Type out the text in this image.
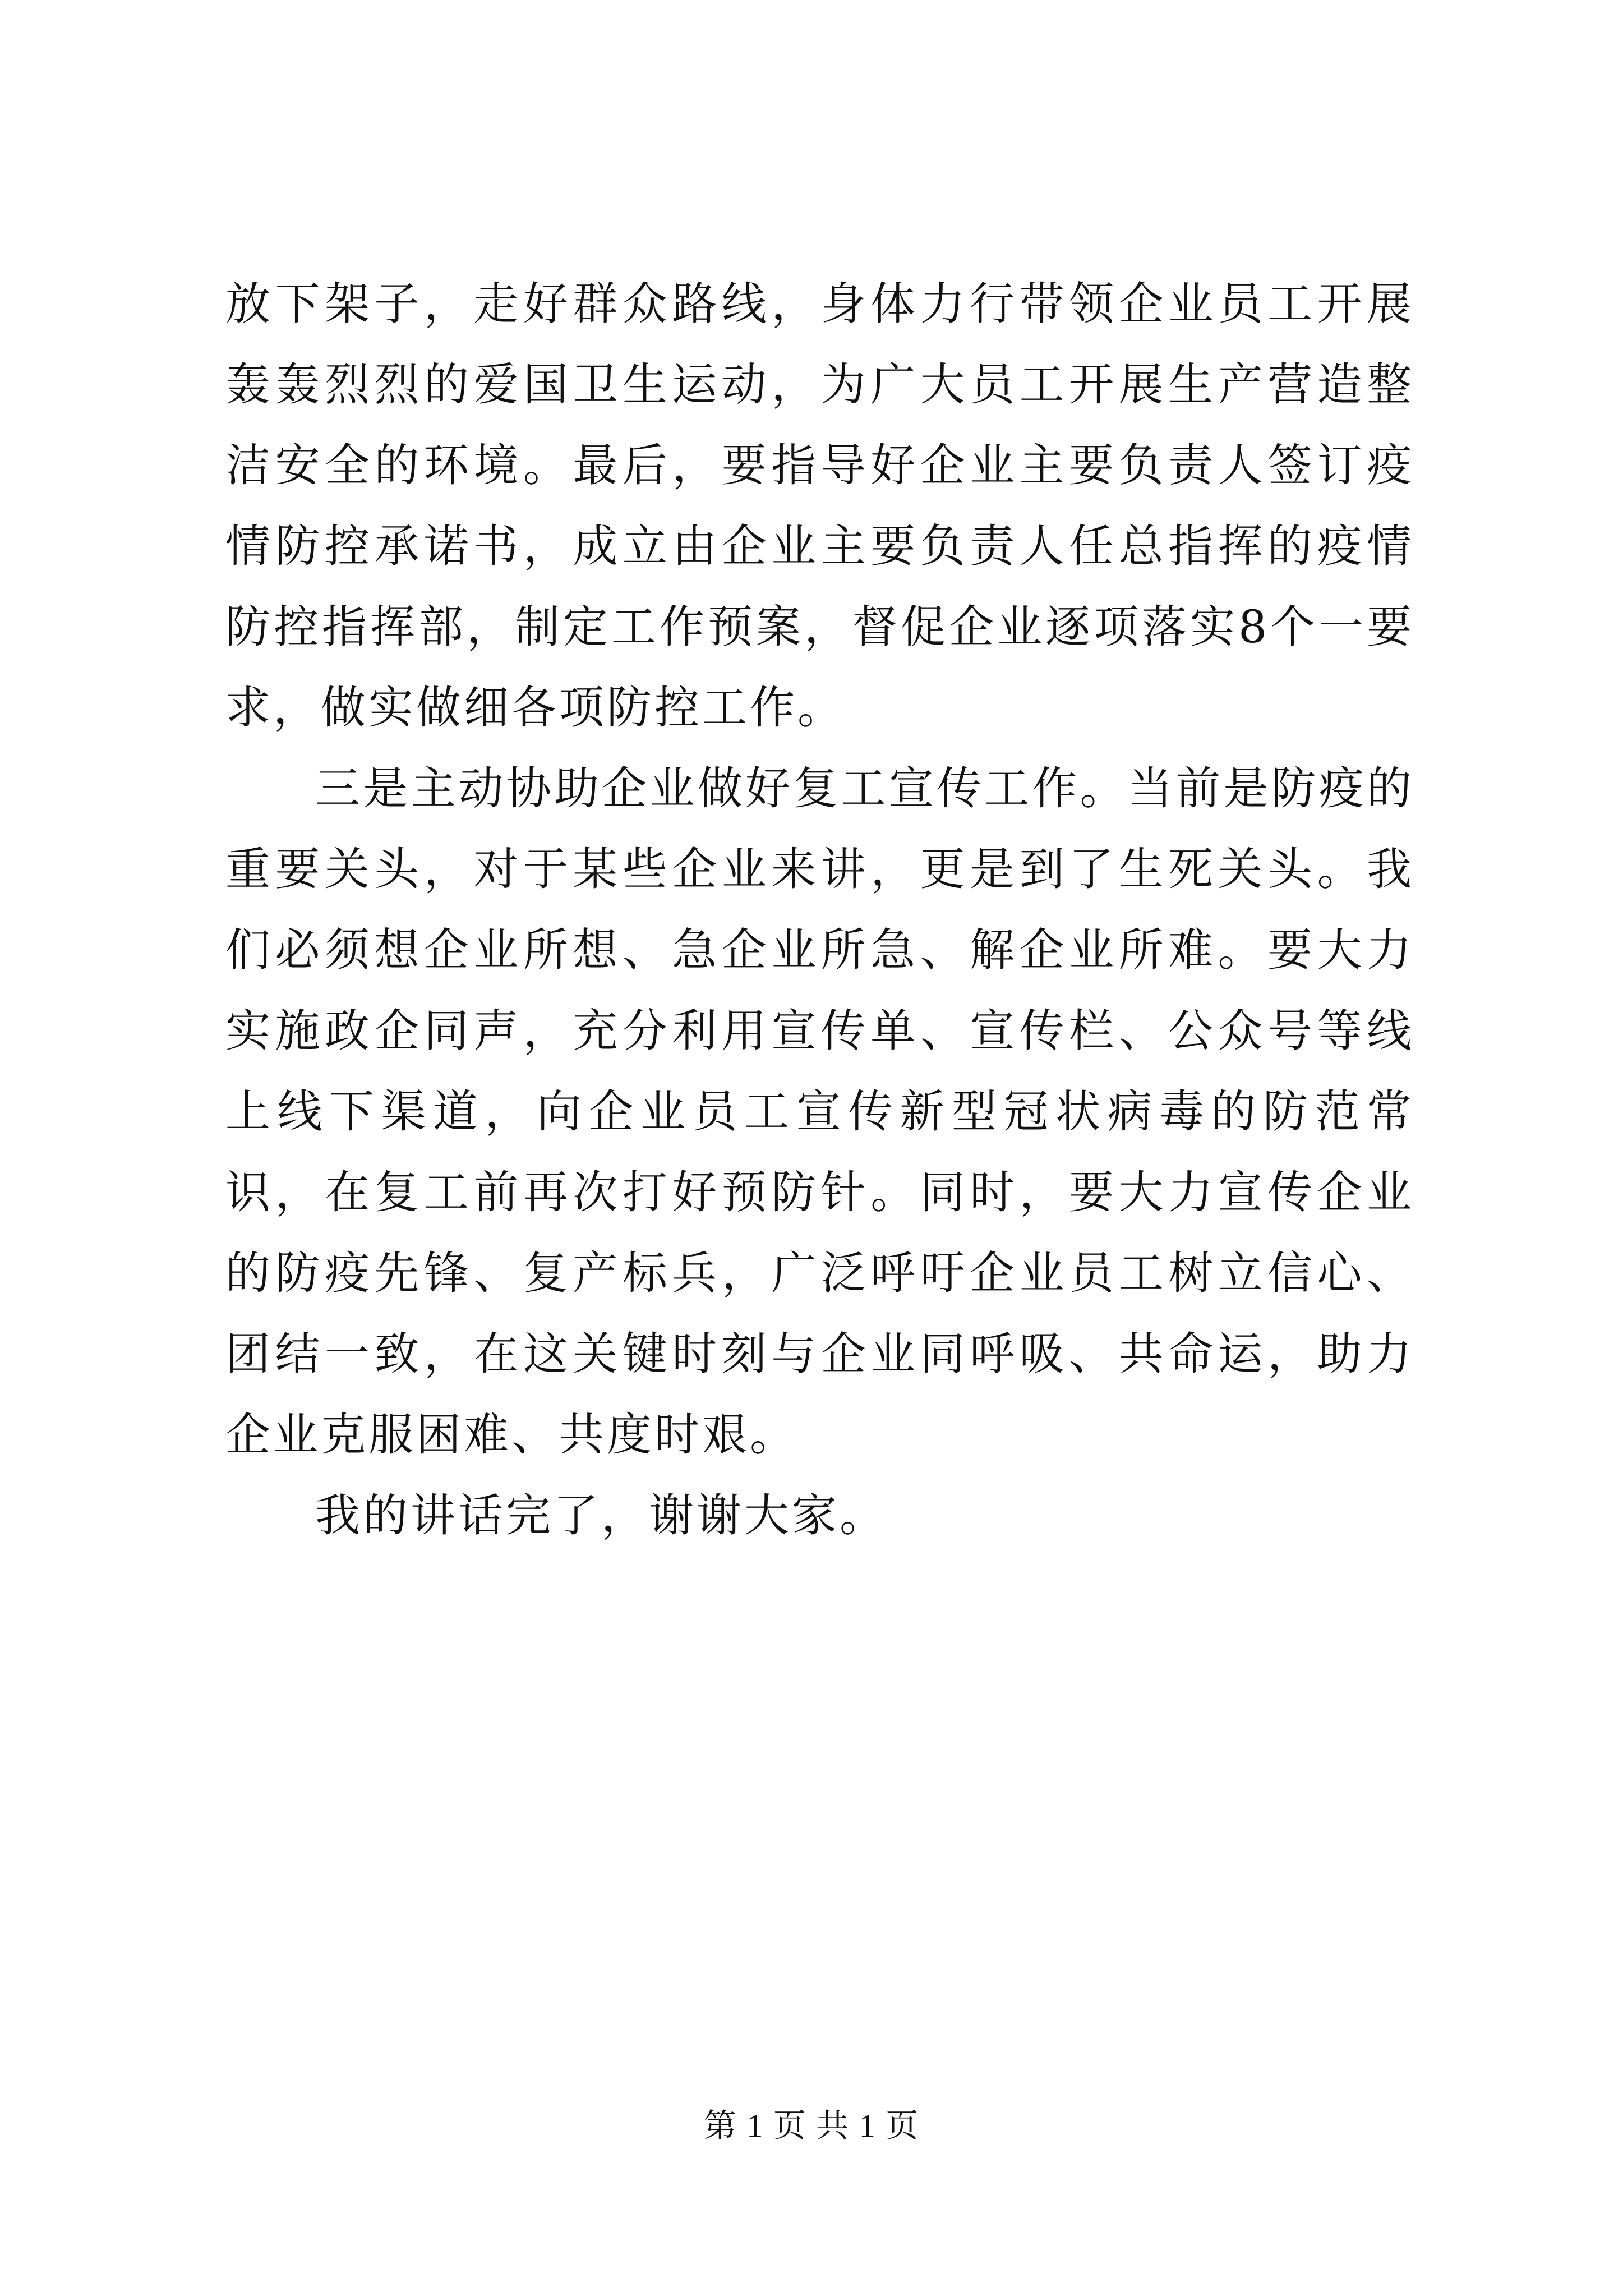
放下架子，走好群众路线，身体力行带领企业员工开展轰轰烈烈的爱国卫生运动，为广大员工开展生产营造整洁安全的环境。最后，要指导好企业主要负责人签订疫情防控承诺书，成立由企业主要负责人任总指挥的疫情防控指挥部，制定工作预案，督促企业逐项落实8个一要求，做实做细各项防控工作。

三是主动协助企业做好复工宣传工作。当前是防疫的重要关头，对于某些企业来讲，更是到了生死关头。我们必须想企业所想、急企业所急、解企业所难。要大力实施政企同声，充分利用宣传单、宣传栏、公众号等线上线下渠道，向企业员工宣传新型冠状病毒的防范常识，在复工前再次打好预防针。同时，要大力宣传企业的防疫先锋、复产标兵，广泛呼吁企业员工树立信心、团结一致，在这关键时刻与企业同呼吸、共命运，助力企业克服困难、共度时艰。

我的讲话完了，谢谢大家。

第 1 页 共 1 页
